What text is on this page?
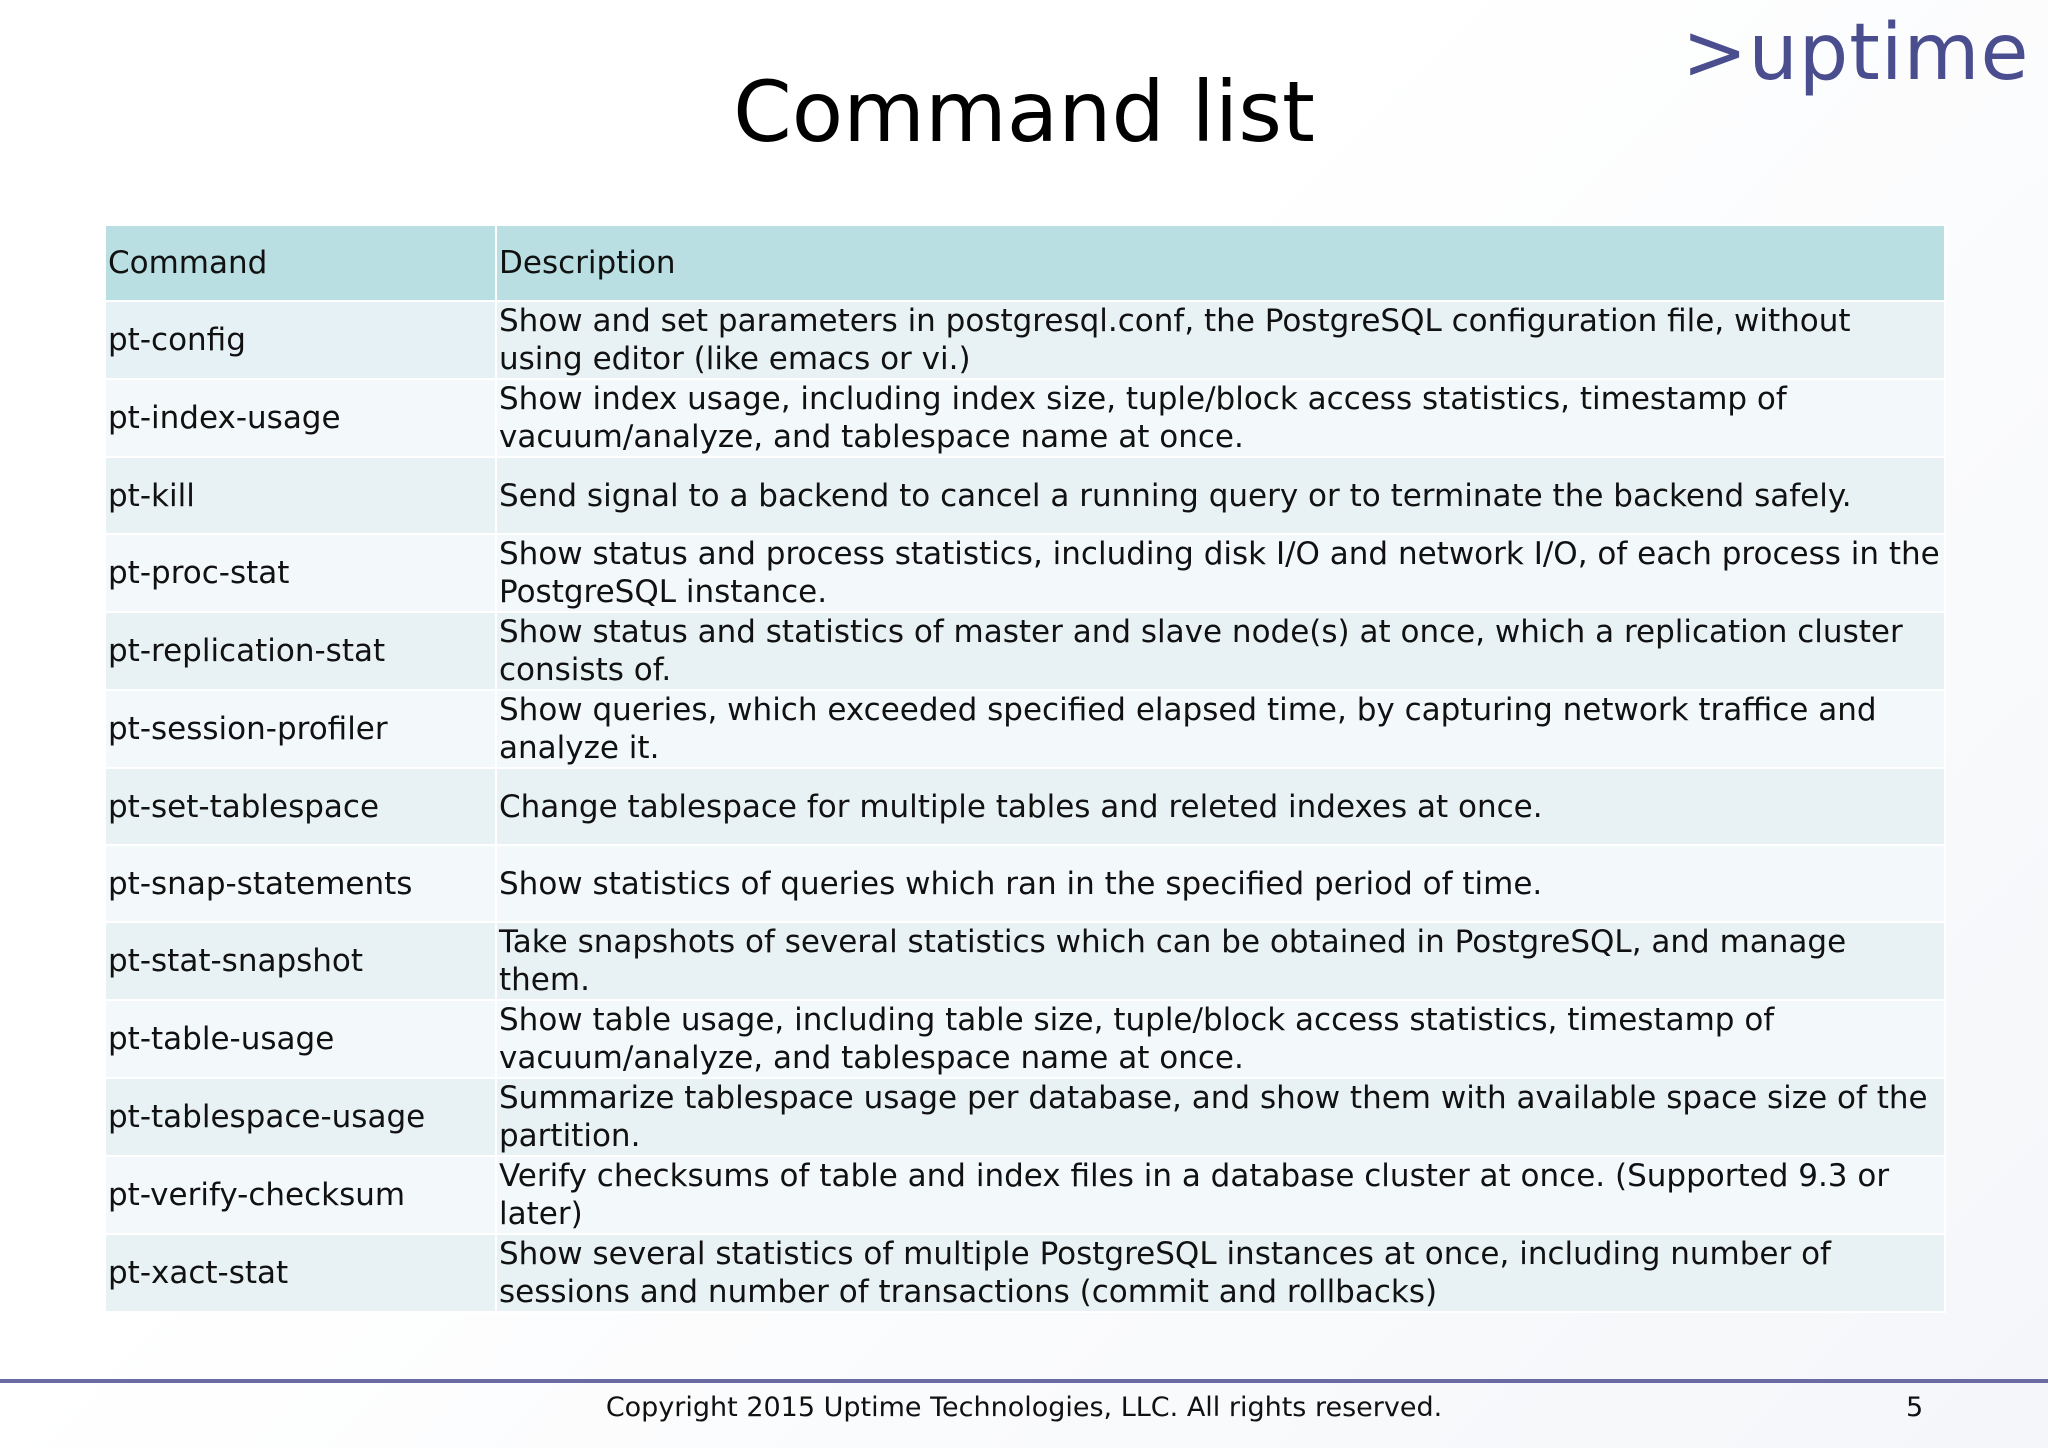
>uptime
Command list
Command	Description
pt-config	Show and set parameters in postgresql.conf, the PostgreSQL configuration file, without using editor (like emacs or vi.)
pt-index-usage	Show index usage, including index size, tuple/block access statistics, timestamp of vacuum/analyze, and tablespace name at once.
pt-kill	Send signal to a backend to cancel a running query or to terminate the backend safely.
pt-proc-stat	Show status and process statistics, including disk I/O and network I/O, of each process in the PostgreSQL instance.
pt-replication-stat	Show status and statistics of master and slave node(s) at once, which a replication cluster consists of.
pt-session-profiler	Show queries, which exceeded specified elapsed time, by capturing network traffice and analyze it.
pt-set-tablespace	Change tablespace for multiple tables and releted indexes at once.
pt-snap-statements	Show statistics of queries which ran in the specified period of time.
pt-stat-snapshot	Take snapshots of several statistics which can be obtained in PostgreSQL, and manage them.
pt-table-usage	Show table usage, including table size, tuple/block access statistics, timestamp of vacuum/analyze, and tablespace name at once.
pt-tablespace-usage	Summarize tablespace usage per database, and show them with available space size of the partition.
pt-verify-checksum	Verify checksums of table and index files in a database cluster at once. (Supported 9.3 or later)
pt-xact-stat	Show several statistics of multiple PostgreSQL instances at once, including number of sessions and number of transactions (commit and rollbacks)
Copyright 2015 Uptime Technologies, LLC. All rights reserved.	5
